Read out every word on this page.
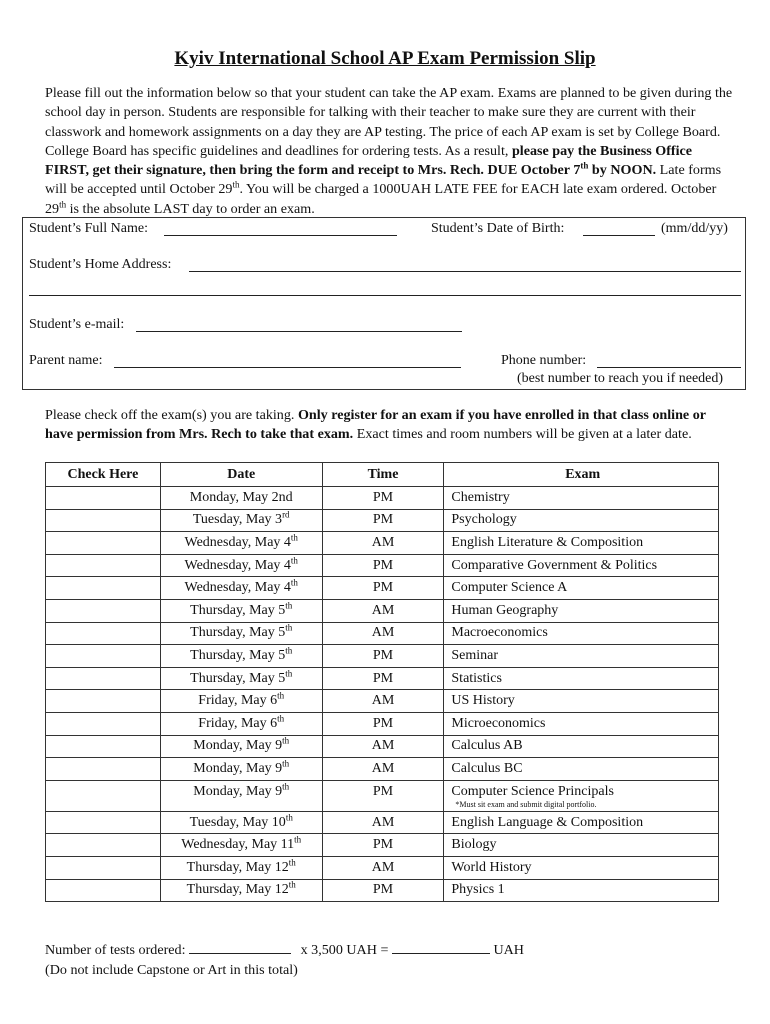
Kyiv International School AP Exam Permission Slip
Please fill out the information below so that your student can take the AP exam. Exams are planned to be given during the school day in person. Students are responsible for talking with their teacher to make sure they are current with their classwork and homework assignments on a day they are AP testing. The price of each AP exam is set by College Board. College Board has specific guidelines and deadlines for ordering tests. As a result, please pay the Business Office FIRST, get their signature, then bring the form and receipt to Mrs. Rech. DUE October 7th by NOON. Late forms will be accepted until October 29th. You will be charged a 1000UAH LATE FEE for EACH late exam ordered. October 29th is the absolute LAST day to order an exam.
Student’s Full Name:	Student’s Date of Birth:	(mm/dd/yy)
Student’s Home Address:
Student’s e-mail:
Parent name:	Phone number:
(best number to reach you if needed)
Please check off the exam(s) you are taking. Only register for an exam if you have enrolled in that class online or have permission from Mrs. Rech to take that exam. Exact times and room numbers will be given at a later date.
Check Here	Date	Time	Exam
	Monday, May 2nd	PM	Chemistry
	Tuesday, May 3rd	PM	Psychology
	Wednesday, May 4th	AM	English Literature & Composition
	Wednesday, May 4th	PM	Comparative Government & Politics
	Wednesday, May 4th	PM	Computer Science A
	Thursday, May 5th	AM	Human Geography
	Thursday, May 5th	AM	Macroeconomics
	Thursday, May 5th	PM	Seminar
	Thursday, May 5th	PM	Statistics
	Friday, May 6th	AM	US History
	Friday, May 6th	PM	Microeconomics
	Monday, May 9th	AM	Calculus AB
	Monday, May 9th	AM	Calculus BC
	Monday, May 9th	PM	Computer Science Principals
*Must sit exam and submit digital portfolio.

	Tuesday, May 10th	AM	English Language & Composition
	Wednesday, May 11th	PM	Biology
	Thursday, May 12th	AM	World History
	Thursday, May 12th	PM	Physics 1
Number of tests ordered:	x 3,500 UAH =	UAH
(Do not include Capstone or Art in this total)
